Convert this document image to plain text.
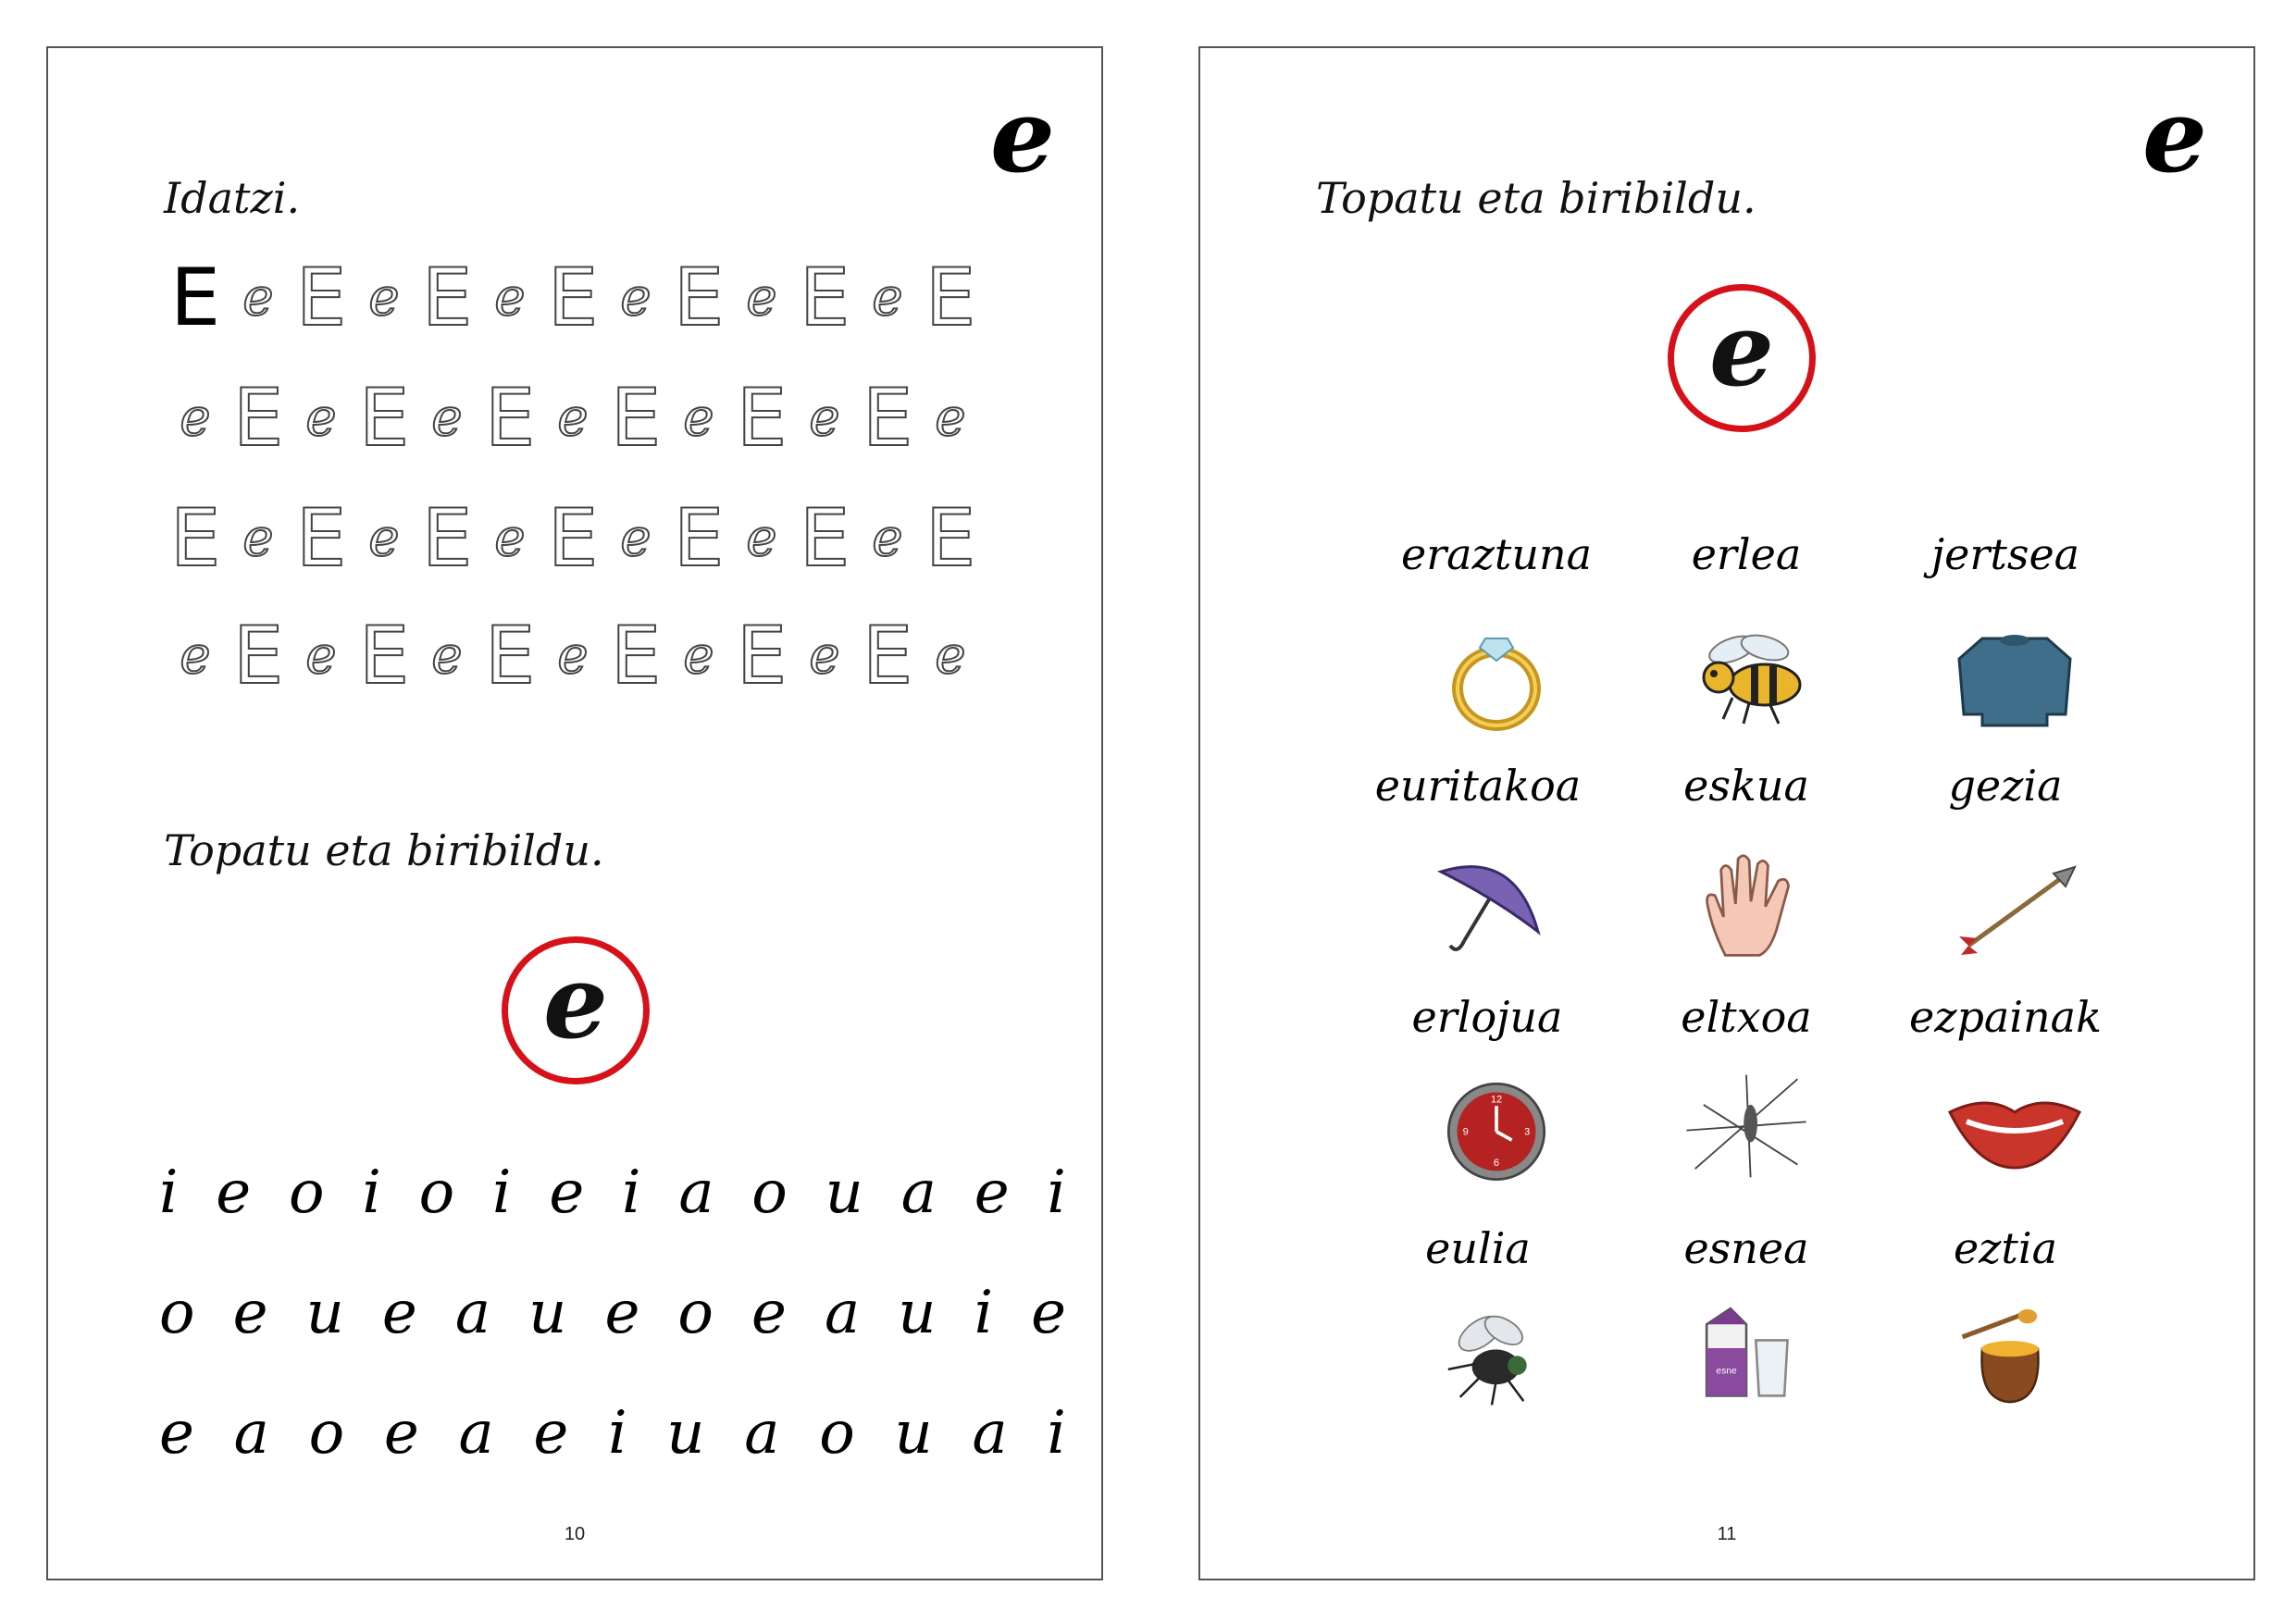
e
Idatzi.
E e E e E e E e E e E e E
e E e E e E e E e E e E e
E e E e E e E e E e E e E
e E e E e E e E e E e E e
Topatu eta biribildu.
e
i e o i o i e i a o u a e i
o e u e a u e o e a u i e
e a o e a e i u a o u a i
10
e
Topatu eta biribildu.
e
eraztuna	erlea	jertsea
euritakoa	eskua	gezia
erlojua	eltxoa	ezpainak
eulia	esnea	eztia
12
3
6
9
esne
11
